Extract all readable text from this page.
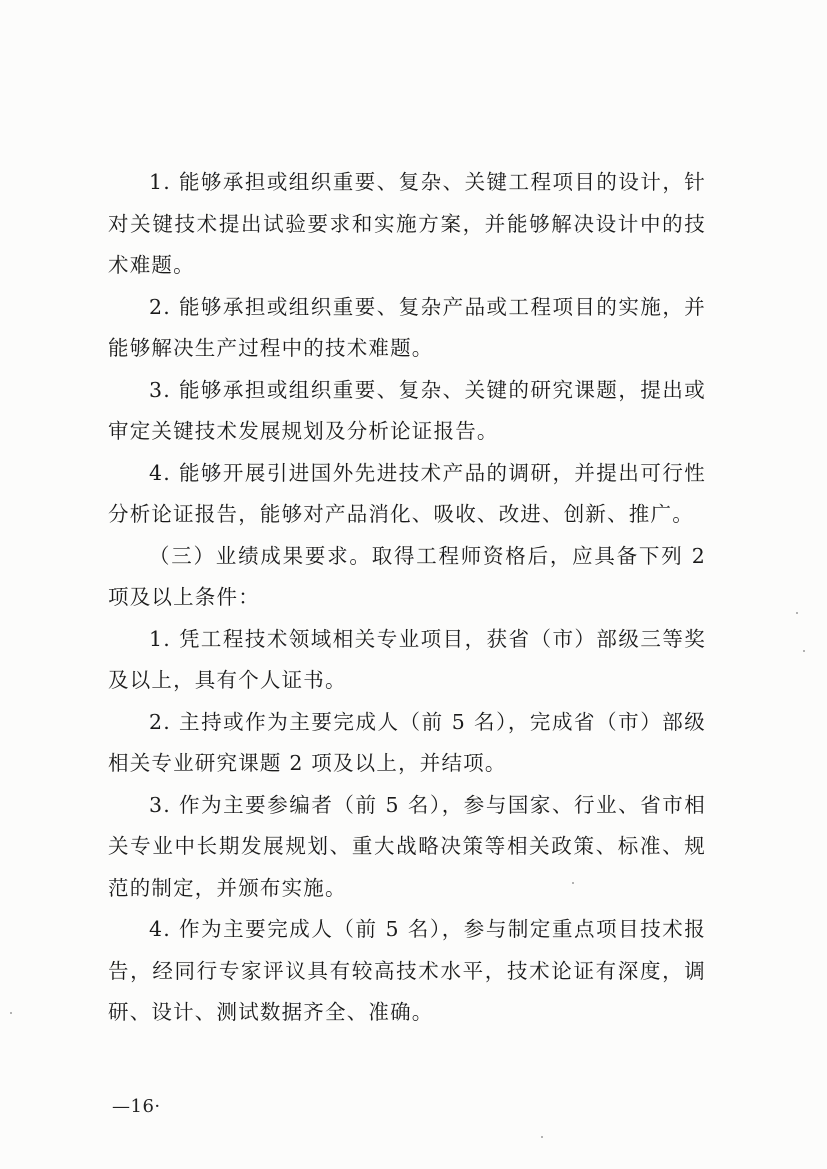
1. 能够承担或组织重要、复杂、关键工程项目的设计，针对关键技术提出试验要求和实施方案，并能够解决设计中的技术难题。

2. 能够承担或组织重要、复杂产品或工程项目的实施，并能够解决生产过程中的技术难题。

3. 能够承担或组织重要、复杂、关键的研究课题，提出或审定关键技术发展规划及分析论证报告。

4. 能够开展引进国外先进技术产品的调研，并提出可行性分析论证报告，能够对产品消化、吸收、改进、创新、推广。

（三）业绩成果要求。取得工程师资格后，应具备下列 2 项及以上条件：

1. 凭工程技术领域相关专业项目，获省（市）部级三等奖及以上，具有个人证书。

2. 主持或作为主要完成人（前 5 名），完成省（市）部级相关专业研究课题 2 项及以上，并结项。

3. 作为主要参编者（前 5 名），参与国家、行业、省市相关专业中长期发展规划、重大战略决策等相关政策、标准、规范的制定，并颁布实施。

4. 作为主要完成人（前 5 名），参与制定重点项目技术报告，经同行专家评议具有较高技术水平，技术论证有深度，调研、设计、测试数据齐全、准确。

—16·
